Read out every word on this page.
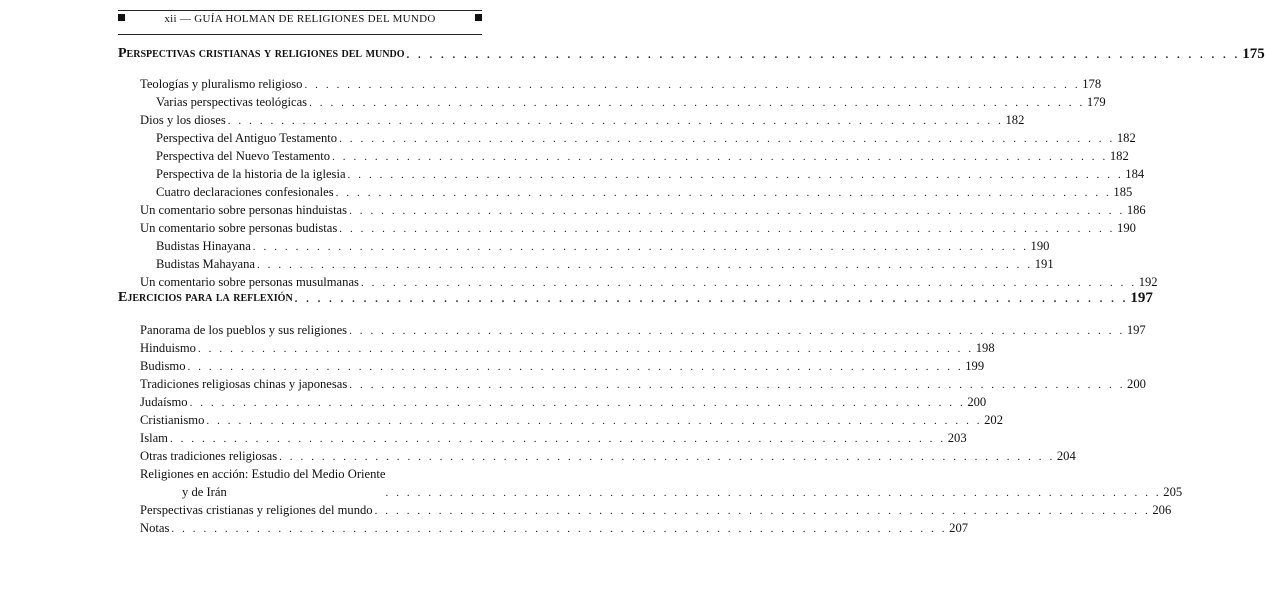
xii — GUÍA HOLMAN DE RELIGIONES DEL MUNDO
Perspectivas cristianas y religiones del mundo . . .	175
Teologías y pluralismo religioso . . .	178
Varias perspectivas teológicas . . .	179
Dios y los dioses . . .	182
Perspectiva del Antiguo Testamento . . .	182
Perspectiva del Nuevo Testamento . . .	182
Perspectiva de la historia de la iglesia . . .	184
Cuatro declaraciones confesionales . . .	185
Un comentario sobre personas hinduistas . . .	186
Un comentario sobre personas budistas . . .	190
Budistas Hinayana . . .	190
Budistas Mahayana . . .	191
Un comentario sobre personas musulmanas . . .	192
Ejercicios para la reflexión . . .	197
Panorama de los pueblos y sus religiones . . .	197
Hinduismo . . .	198
Budismo . . .	199
Tradiciones religiosas chinas y japonesas . . .	200
Judaísmo . . .	200
Cristianismo . . .	202
Islam . . .	203
Otras tradiciones religiosas . . .	204
Religiones en acción: Estudio del Medio Oriente
y de Irán . . .	205
Perspectivas cristianas y religiones del mundo . . .	206
Notas . . .	207
